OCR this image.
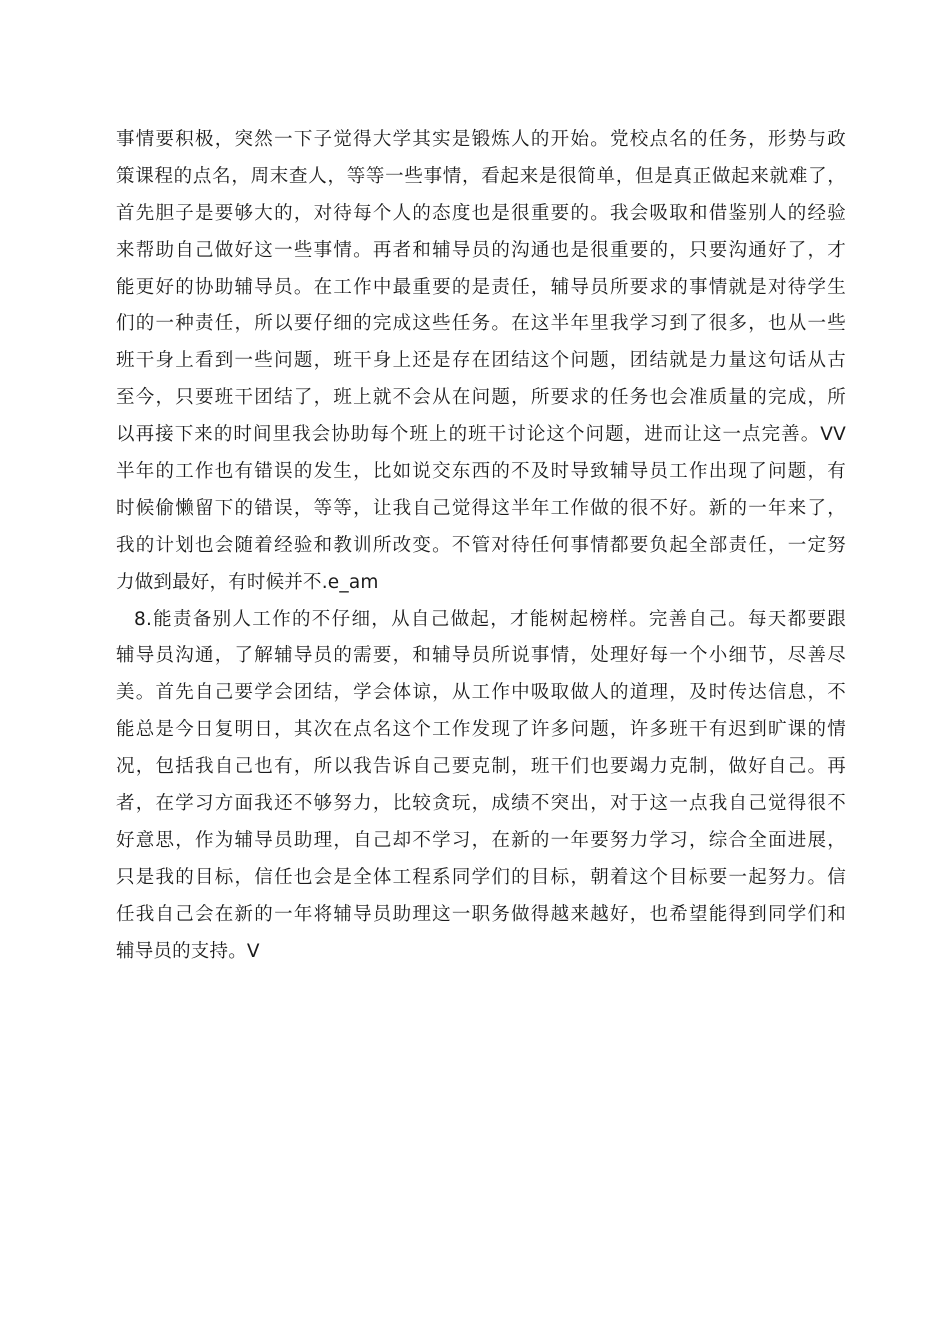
事情要积极，突然一下子觉得大学其实是锻炼人的开始。党校点名的任务，形势与政
策课程的点名，周末查人，等等一些事情，看起来是很简单，但是真正做起来就难了，
首先胆子是要够大的，对待每个人的态度也是很重要的。我会吸取和借鉴别人的经验
来帮助自己做好这一些事情。再者和辅导员的沟通也是很重要的，只要沟通好了，才
能更好的协助辅导员。在工作中最重要的是责任，辅导员所要求的事情就是对待学生
们的一种责任，所以要仔细的完成这些任务。在这半年里我学习到了很多，也从一些
班干身上看到一些问题，班干身上还是存在团结这个问题，团结就是力量这句话从古
至今，只要班干团结了，班上就不会从在问题，所要求的任务也会准质量的完成，所
以再接下来的时间里我会协助每个班上的班干讨论这个问题，进而让这一点完善。VV
半年的工作也有错误的发生，比如说交东西的不及时导致辅导员工作出现了问题，有
时候偷懒留下的错误，等等，让我自己觉得这半年工作做的很不好。新的一年来了，
我的计划也会随着经验和教训所改变。不管对待任何事情都要负起全部责任，一定努
力做到最好，有时候并不.e_am
8.能责备别人工作的不仔细，从自己做起，才能树起榜样。完善自己。每天都要跟
辅导员沟通，了解辅导员的需要，和辅导员所说事情，处理好每一个小细节，尽善尽
美。首先自己要学会团结，学会体谅，从工作中吸取做人的道理，及时传达信息，不
能总是今日复明日，其次在点名这个工作发现了许多问题，许多班干有迟到旷课的情
况，包括我自己也有，所以我告诉自己要克制，班干们也要竭力克制，做好自己。再
者，在学习方面我还不够努力，比较贪玩，成绩不突出，对于这一点我自己觉得很不
好意思，作为辅导员助理，自己却不学习，在新的一年要努力学习，综合全面进展，
只是我的目标，信任也会是全体工程系同学们的目标，朝着这个目标要一起努力。信
任我自己会在新的一年将辅导员助理这一职务做得越来越好，也希望能得到同学们和
辅导员的支持。V
